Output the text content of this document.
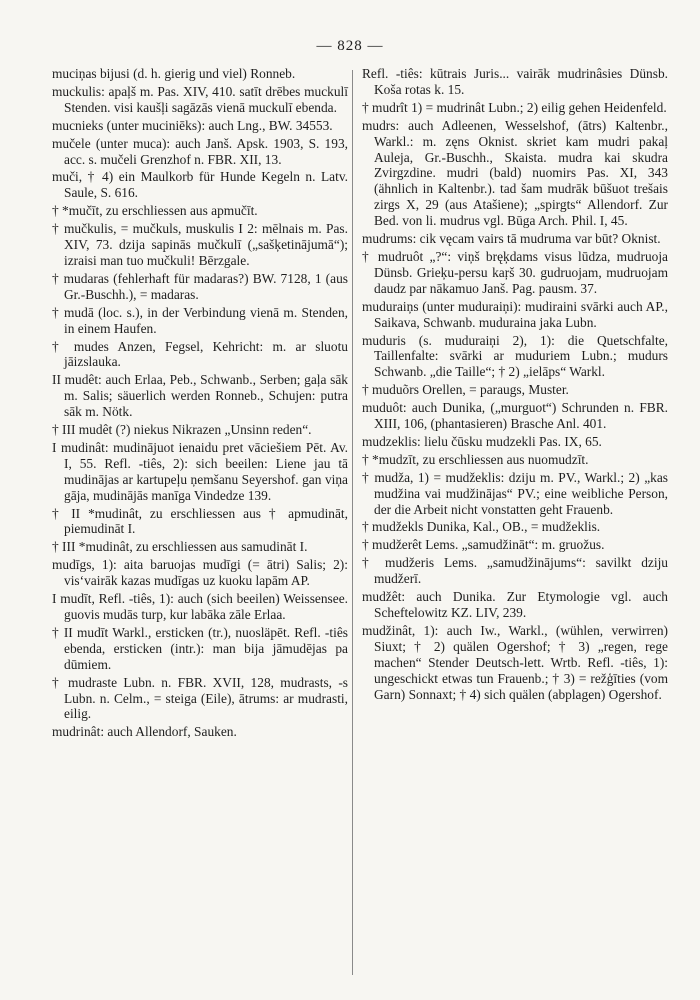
— 828 —

muciņas bijusi (d. h. gierig und viel) Ronneb.

muckulis: apaļš m. Pas. XIV, 410. satīt drēbes muckulī Stenden. visi kaušļi sagāzās vienā muckulī ebenda.

mucnieks (unter muciniēks): auch Lng., BW. 34553.

mučele (unter muca): auch Janš. Apsk. 1903, S. 193, acc. s. mučeli Grenzhof n. FBR. XII, 13.

muči, † 4) ein Maulkorb für Hunde Kegeln n. Latv. Saule, S. 616.

† *mučīt, zu erschliessen aus apmučīt.

† mučkulis, = mučkuls, muskulis I 2: mēlnais m. Pas. XIV, 73. dzija sapinās mučkulī („sašķetinājumā“); izraisi man tuo mučkuli! Bērzgale.

† mudaras (fehlerhaft für madaras?) BW. 7128, 1 (aus Gr.-Buschh.), = madaras.

† mudā (loc. s.), in der Verbindung vienā m. Stenden, in einem Haufen.

† mudes Anzen, Fegsel, Kehricht: m. ar sluotu jāizslauka.

II mudêt: auch Erlaa, Peb., Schwanb., Serben; gaļa sāk m. Salis; säuerlich werden Ronneb., Schujen: putra sāk m. Nötk.

† III mudêt (?) niekus Nikrazen „Unsinn reden“.

I mudinât: mudinājuot ienaidu pret vāciešiem Pēt. Av. I, 55. Refl. -tiês, 2): sich beeilen: Liene jau tā mudinājas ar kartupeļu ņemšanu Seyershof. gan viņa gāja, mudinājās manīga Vindedze 139.

† II *mudinât, zu erschliessen aus † apmudināt, piemudināt I.

† III *mudinât, zu erschliessen aus samudināt I.

mudīgs, 1): aita baruojas mudīgi (= ātri) Salis; 2): vis‘vairāk kazas mudīgas uz kuoku lapām AP.

I mudīt, Refl. -tiês, 1): auch (sich beeilen) Weissensee. guovis mudās turp, kur labāka zāle Erlaa.

† II mudīt Warkl., ersticken (tr.), nuosläpēt. Refl. -tiês ebenda, ersticken (intr.): man bija jāmudējas pa dūmiem.

† mudraste Lubn. n. FBR. XVII, 128, mudrasts, -s Lubn. n. Celm., = steiga (Eile), ātrums: ar mudrasti, eilig.

mudrinât: auch Allendorf, Sauken.

Refl. -tiês: kūtrais Juris... vairāk mudrinâsies Dünsb. Koša rotas k. 15.

† mudrît 1) = mudrinât Lubn.; 2) eilig gehen Heidenfeld.

mudrs: auch Adleenen, Wesselshof, (ātrs) Kaltenbr., Warkl.: m. zęns Oknist. skriet kam mudri pakaļ Auleja, Gr.-Buschh., Skaista. mudra kai skudra Zvirgzdine. mudri (bald) nuomirs Pas. XI, 343 (ähnlich in Kaltenbr.). tad šam mudrāk būšuot trešais zirgs X, 29 (aus Atašiene); „spirgts“ Allendorf. Zur Bed. von li. mudrus vgl. Būga Arch. Phil. I, 45.

mudrums: cik vęcam vairs tā mudruma var būt? Oknist.

† mudruôt „?“: viņš bręķdams visus lūdza, mudruoja Dünsb. Grieķu-persu kaŗš 30. gudruojam, mudruojam daudz par nākamuo Janš. Pag. pausm. 37.

muduraiņs (unter muduraiņi): mudiraini svārki auch AP., Saikava, Schwanb. muduraina jaka Lubn.

muduris (s. muduraiņi 2), 1): die Quetschfalte, Taillenfalte: svārki ar muduriem Lubn.; mudurs Schwanb. „die Taille“; † 2) „ielāps“ Warkl.

† muduõrs Orellen, = paraugs, Muster.

muduôt: auch Dunika, („murguot“) Schrunden n. FBR. XIII, 106, (phantasieren) Brasche Anl. 401.

mudzeklis: lielu čūsku mudzekli Pas. IX, 65.

† *mudzīt, zu erschliessen aus nuomudzīt.

† mudža, 1) = mudžeklis: dziju m. PV., Warkl.; 2) „kas mudžina vai mudžinājas“ PV.; eine weibliche Person, der die Arbeit nicht vonstatten geht Frauenb.

† mudžekls Dunika, Kal., OB., = mudžeklis.

† mudžerêt Lems. „samudžināt“: m. gruožus.

† mudžeris Lems. „samudžinājums“: savilkt dziju mudžerī.

mudžêt: auch Dunika. Zur Etymologie vgl. auch Scheftelowitz KZ. LIV, 239.

mudžinât, 1): auch Iw., Warkl., (wühlen, verwirren) Siuxt; † 2) quälen Ogershof; † 3) „regen, rege machen“ Stender Deutsch-lett. Wrtb. Refl. -tiês, 1): ungeschickt etwas tun Frauenb.; † 3) = režģīties (vom Garn) Sonnaxt; † 4) sich quälen (abplagen) Ogershof.
